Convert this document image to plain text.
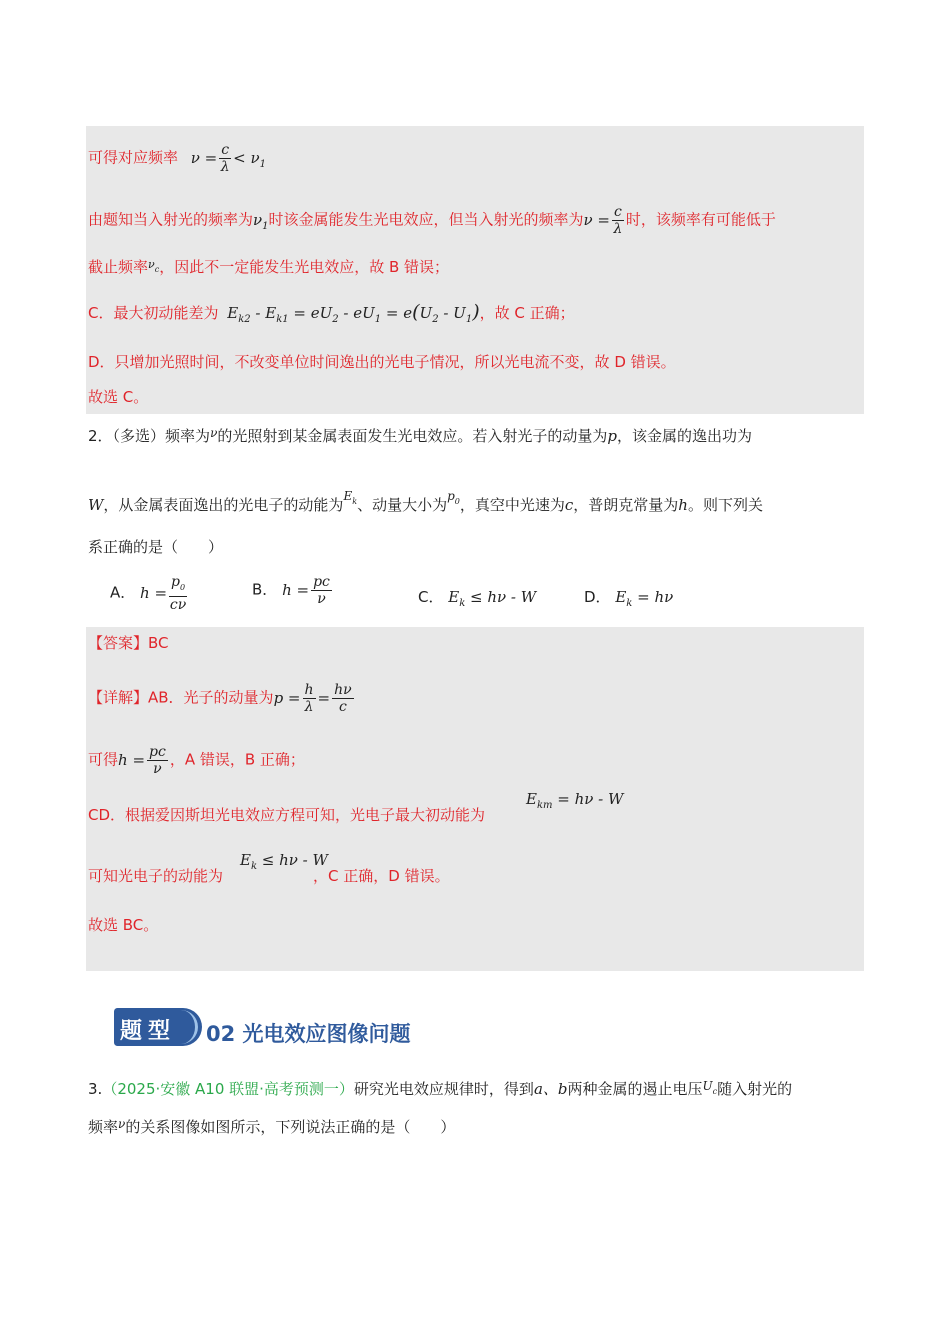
可得对应频率 $\nu = \frac{c}{\lambda} < \nu_1$
由题知当入射光的频率为$\nu_1$时该金属能发生光电效应，但当入射光的频率为$\nu = \frac{c}{\lambda}$ 时，该频率有可能低于
截止频率$^{\nu_c}$，因此不一定能发生光电效应，故 B 错误；
C．最大初动能差为 $E_{k2} - E_{k1} = eU_2 - eU_1 = e(U_2 - U_1)$，故 C 正确；
D．只增加光照时间，不改变单位时间逸出的光电子情况，所以光电流不变，故 D 错误。
故选 C。
2．（多选）频率为$^\nu$的光照射到某金属表面发生光电效应。若入射光子的动量为p，该金属的逸出功为
W，从金属表面逸出的光电子的动能为$^{E_k}$、动量大小为$^{p_0}$，真空中光速为c，普朗克常量为h。则下列关
系正确的是（　　）
A． $h = \frac{p_0}{c\nu}$	B． $h = \frac{pc}{\nu}$	C． $E_k \le h\nu - W$	D． $E_k = h\nu$
【答案】BC
【详解】AB．光子的动量为$p = \frac{h}{\lambda} = \frac{h\nu}{c}$
可得$h = \frac{pc}{\nu}$ ，A 错误，B 正确；
CD．根据爱因斯坦光电效应方程可知，光电子最大初动能为
$E_{km} = h\nu - W$
可知光电子的动能为	，C 正确，D 错误。
$E_k \le h\nu - W$
故选 BC。
题型 02 光电效应图像问题
3.（2025·安徽 A10 联盟·高考预测一）研究光电效应规律时，得到a、b两种金属的遏止电压$^{U_c}$随入射光的
频率$^\nu$的关系图像如图所示，下列说法正确的是（　　）
